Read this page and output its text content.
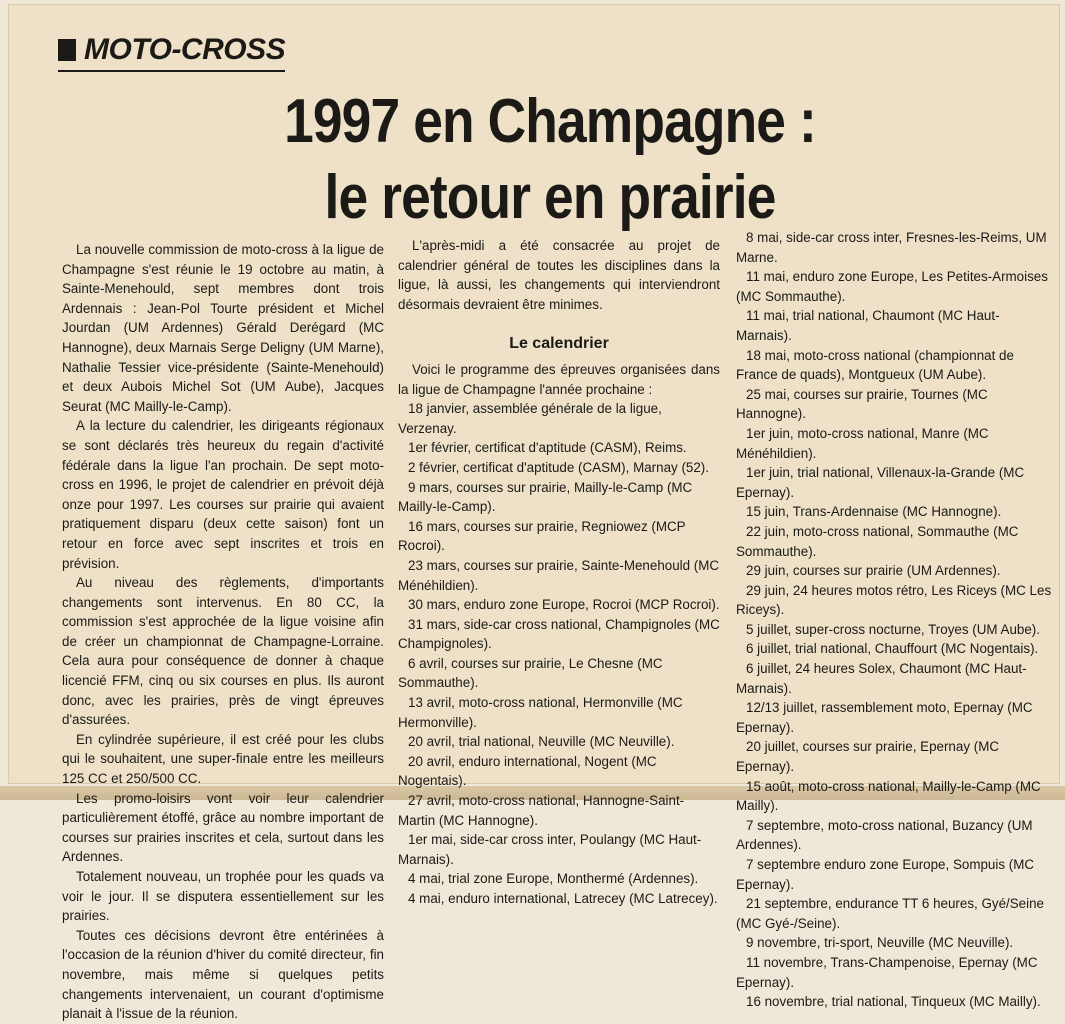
MOTO-CROSS
1997 en Champagne :
le retour en prairie

La nouvelle commission de moto-cross à la ligue de Champagne s'est réunie le 19 octobre au matin, à Sainte-Menehould, sept membres dont trois Ardennais : Jean-Pol Tourte président et Michel Jourdan (UM Ardennes) Gérald Derégard (MC Hannogne), deux Marnais Serge Deligny (UM Marne), Nathalie Tessier vice-présidente (Sainte-Menehould) et deux Aubois Michel Sot (UM Aube), Jacques Seurat (MC Mailly-le-Camp).

A la lecture du calendrier, les dirigeants régionaux se sont déclarés très heureux du regain d'activité fédérale dans la ligue l'an prochain. De sept moto-cross en 1996, le projet de calendrier en prévoit déjà onze pour 1997. Les courses sur prairie qui avaient pratiquement disparu (deux cette saison) font un retour en force avec sept inscrites et trois en prévision.

Au niveau des règlements, d'importants changements sont intervenus. En 80 CC, la commission s'est approchée de la ligue voisine afin de créer un championnat de Champagne-Lorraine. Cela aura pour conséquence de donner à chaque licencié FFM, cinq ou six courses en plus. Ils auront donc, avec les prairies, près de vingt épreuves d'assurées.

En cylindrée supérieure, il est créé pour les clubs qui le souhaitent, une super-finale entre les meilleurs 125 CC et 250/500 CC.

Les promo-loisirs vont voir leur calendrier particulièrement étoffé, grâce au nombre important de courses sur prairies inscrites et cela, surtout dans les Ardennes.

Totalement nouveau, un trophée pour les quads va voir le jour. Il se disputera essentiellement sur les prairies.

Toutes ces décisions devront être entérinées à l'occasion de la réunion d'hiver du comité directeur, fin novembre, mais même si quelques petits changements intervenaient, un courant d'optimisme planait à l'issue de la réunion.

L'après-midi a été consacrée au projet de calendrier général de toutes les disciplines dans la ligue, là aussi, les changements qui interviendront désormais devraient être minimes.

Le calendrier

Voici le programme des épreuves organisées dans la ligue de Champagne l'année prochaine :

18 janvier, assemblée générale de la ligue, Verzenay.

1er février, certificat d'aptitude (CASM), Reims.

2 février, certificat d'aptitude (CASM), Marnay (52).

9 mars, courses sur prairie, Mailly-le-Camp (MC Mailly-le-Camp).

16 mars, courses sur prairie, Regniowez (MCP Rocroi).

23 mars, courses sur prairie, Sainte-Menehould (MC Ménéhildien).

30 mars, enduro zone Europe, Rocroi (MCP Rocroi).

31 mars, side-car cross national, Champignoles (MC Champignoles).

6 avril, courses sur prairie, Le Chesne (MC Sommauthe).

13 avril, moto-cross national, Hermonville (MC Hermonville).

20 avril, trial national, Neuville (MC Neuville).

20 avril, enduro international, Nogent (MC Nogentais).

27 avril, moto-cross national, Hannogne-Saint-Martin (MC Hannogne).

1er mai, side-car cross inter, Poulangy (MC Haut-Marnais).

4 mai, trial zone Europe, Monthermé (Ardennes).

4 mai, enduro international, Latrecey (MC Latrecey).

8 mai, side-car cross inter, Fresnes-les-Reims, UM Marne.

11 mai, enduro zone Europe, Les Petites-Armoises (MC Sommauthe).

11 mai, trial national, Chaumont (MC Haut-Marnais).

18 mai, moto-cross national (championnat de France de quads), Montgueux (UM Aube).

25 mai, courses sur prairie, Tournes (MC Hannogne).

1er juin, moto-cross national, Manre (MC Ménéhildien).

1er juin, trial national, Villenaux-la-Grande (MC Epernay).

15 juin, Trans-Ardennaise (MC Hannogne).

22 juin, moto-cross national, Sommauthe (MC Sommauthe).

29 juin, courses sur prairie (UM Ardennes).

29 juin, 24 heures motos rétro, Les Riceys (MC Les Riceys).

5 juillet, super-cross nocturne, Troyes (UM Aube).

6 juillet, trial national, Chauffourt (MC Nogentais).

6 juillet, 24 heures Solex, Chaumont (MC Haut-Marnais).

12/13 juillet, rassemblement moto, Epernay (MC Epernay).

20 juillet, courses sur prairie, Epernay (MC Epernay).

15 août, moto-cross national, Mailly-le-Camp (MC Mailly).

7 septembre, moto-cross national, Buzancy (UM Ardennes).

7 septembre enduro zone Europe, Sompuis (MC Epernay).

21 septembre, endurance TT 6 heures, Gyé/Seine (MC Gyé-/Seine).

9 novembre, tri-sport, Neuville (MC Neuville).

11 novembre, Trans-Champenoise, Epernay (MC Epernay).

16 novembre, trial national, Tinqueux (MC Mailly).
